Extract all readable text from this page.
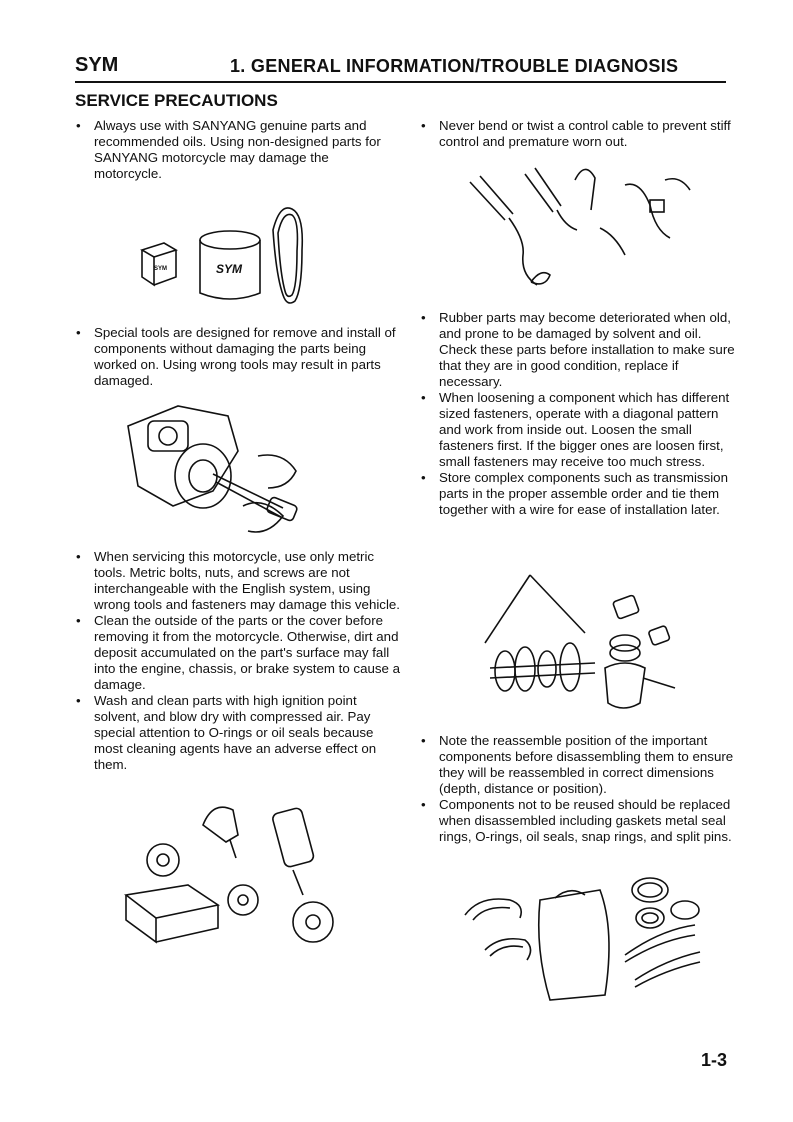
SYM	1. GENERAL INFORMATION/TROUBLE DIAGNOSIS
SERVICE PRECAUTIONS
• Always use with SANYANG genuine parts and recommended oils. Using non-designed parts for SANYANG motorcycle may damage the motorcycle.
SYM	SYM
• Special tools are designed for remove and install of components without damaging the parts being worked on. Using wrong tools may result in parts damaged.
• When servicing this motorcycle, use only metric tools. Metric bolts, nuts, and screws are not interchangeable with the English system, using wrong tools and fasteners may damage this vehicle.
• Clean the outside of the parts or the cover before removing it from the motorcycle. Otherwise, dirt and deposit accumulated on the part's surface may fall into the engine, chassis, or brake system to cause a damage.
• Wash and clean parts with high ignition point solvent, and blow dry with compressed air. Pay special attention to O-rings or oil seals because most cleaning agents have an adverse effect on them.
• Never bend or twist a control cable to prevent stiff control and premature worn out.
• Rubber parts may become deteriorated when old, and prone to be damaged by solvent and oil. Check these parts before installation to make sure that they are in good condition, replace if necessary.
• When loosening a component which has different sized fasteners, operate with a diagonal pattern and work from inside out. Loosen the small fasteners first. If the bigger ones are loosen first, small fasteners may receive too much stress.
• Store complex components such as transmission parts in the proper assemble order and tie them together with a wire for ease of installation later.
• Note the reassemble position of the important components before disassembling them to ensure they will be reassembled in correct dimensions (depth, distance or position).
• Components not to be reused should be replaced when disassembled including gaskets metal seal rings, O-rings, oil seals, snap rings, and split pins.
1-3
